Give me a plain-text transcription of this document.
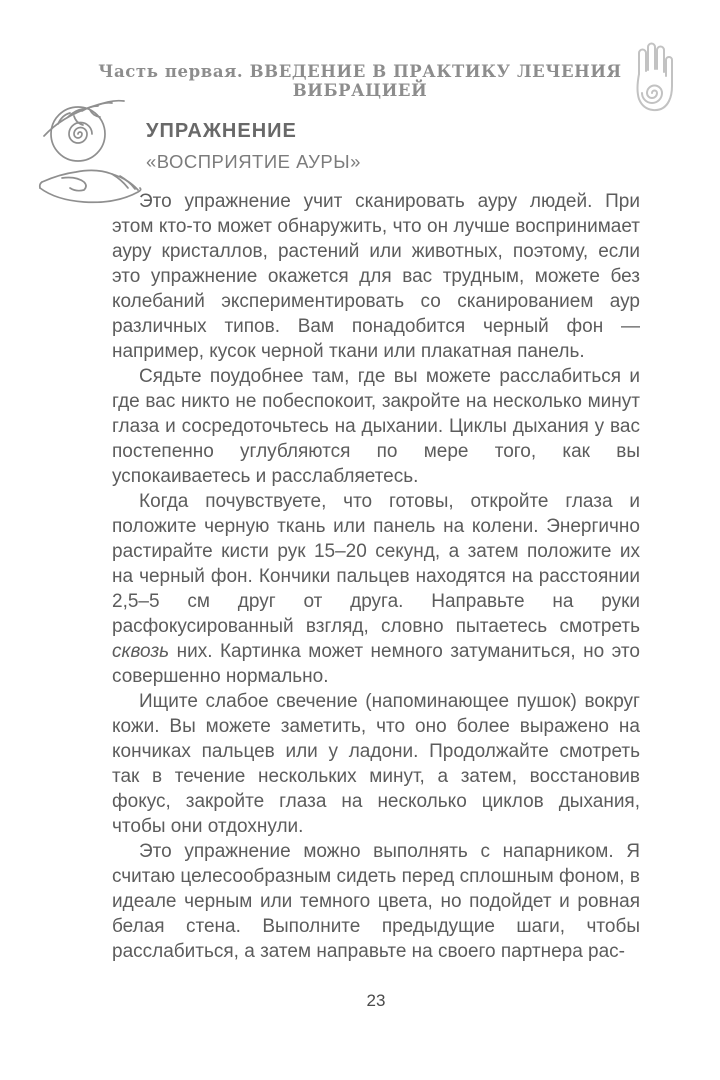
Часть первая. ВВЕДЕНИЕ В ПРАКТИКУ ЛЕЧЕНИЯ ВИБРАЦИЕЙ
УПРАЖНЕНИЕ
«ВОСПРИЯТИЕ АУРЫ»

Это упражнение учит сканировать ауру людей. При этом кто-то может обнаружить, что он лучше воспринимает ауру кристаллов, растений или животных, поэтому, если это упражнение окажется для вас трудным, можете без колебаний экспериментировать со сканированием аур различных типов. Вам понадобится черный фон — например, кусок черной ткани или плакатная панель.

Сядьте поудобнее там, где вы можете расслабиться и где вас никто не побеспокоит, закройте на несколько минут глаза и сосредоточьтесь на дыхании. Циклы дыхания у вас постепенно углубляются по мере того, как вы успокаиваетесь и расслабляетесь.

Когда почувствуете, что готовы, откройте глаза и положите черную ткань или панель на колени. Энергично растирайте кисти рук 15–20 секунд, а затем положите их на черный фон. Кончики пальцев находятся на расстоянии 2,5–5 см друг от друга. Направьте на руки расфокусированный взгляд, словно пытаетесь смотреть сквозь них. Картинка может немного затуманиться, но это совершенно нормально.

Ищите слабое свечение (напоминающее пушок) вокруг кожи. Вы можете заметить, что оно более выражено на кончиках пальцев или у ладони. Продолжайте смотреть так в течение нескольких минут, а затем, восстановив фокус, закройте глаза на несколько циклов дыхания, чтобы они отдохнули.

Это упражнение можно выполнять с напарником. Я считаю целесообразным сидеть перед сплошным фоном, в идеале черным или темного цвета, но подойдет и ровная белая стена. Выполните предыдущие шаги, чтобы расслабиться, а затем направьте на своего партнера рас-

23
